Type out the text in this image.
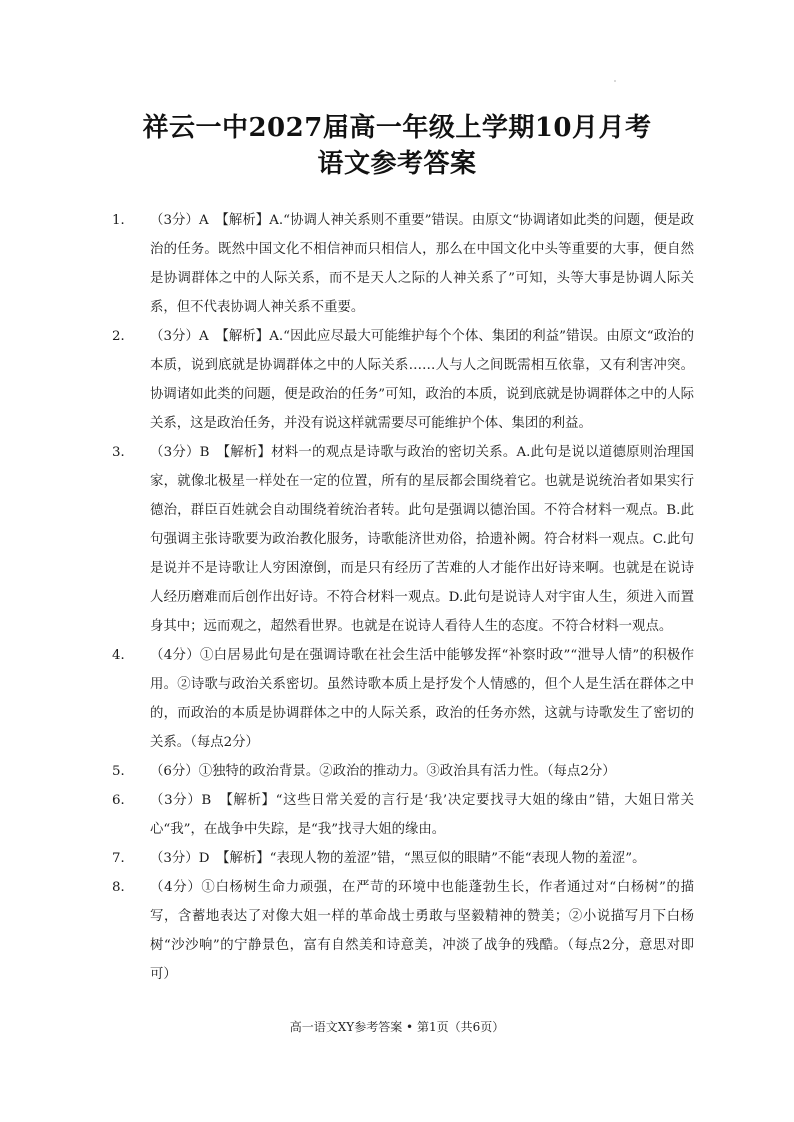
祥云一中2027届高一年级上学期10月月考
语文参考答案
1．	（3分）A　【解析】A.“协调人神关系则不重要”错误。由原文“协调诸如此类的问题，便是政治的任务。既然中国文化不相信神而只相信人，那么在中国文化中头等重要的大事，便自然是协调群体之中的人际关系，而不是天人之际的人神关系了”可知，头等大事是协调人际关系，但不代表协调人神关系不重要。
2．	（3分）A　【解析】A.“因此应尽最大可能维护每个个体、集团的利益”错误。由原文“政治的本质，说到底就是协调群体之中的人际关系……人与人之间既需相互依靠，又有利害冲突。协调诸如此类的问题，便是政治的任务”可知，政治的本质，说到底就是协调群体之中的人际关系，这是政治任务，并没有说这样就需要尽可能维护个体、集团的利益。
3．	（3分）B　【解析】材料一的观点是诗歌与政治的密切关系。A.此句是说以道德原则治理国家，就像北极星一样处在一定的位置，所有的星辰都会围绕着它。也就是说统治者如果实行德治，群臣百姓就会自动围绕着统治者转。此句是强调以德治国。不符合材料一观点。B.此句强调主张诗歌要为政治教化服务，诗歌能济世劝俗，拾遗补阙。符合材料一观点。C.此句是说并不是诗歌让人穷困潦倒，而是只有经历了苦难的人才能作出好诗来啊。也就是在说诗人经历磨难而后创作出好诗。不符合材料一观点。D.此句是说诗人对宇宙人生，须进入而置身其中；远而观之，超然看世界。也就是在说诗人看待人生的态度。不符合材料一观点。
4．	（4分）①白居易此句是在强调诗歌在社会生活中能够发挥“补察时政”“泄导人情”的积极作用。②诗歌与政治关系密切。虽然诗歌本质上是抒发个人情感的，但个人是生活在群体之中的，而政治的本质是协调群体之中的人际关系，政治的任务亦然，这就与诗歌发生了密切的关系。（每点2分）
5．	（6分）①独特的政治背景。②政治的推动力。③政治具有活力性。（每点2分）
6．	（3分）B　【解析】“这些日常关爱的言行是‘我’决定要找寻大姐的缘由”错，大姐日常关心“我”，在战争中失踪，是“我”找寻大姐的缘由。
7．	（3分）D　【解析】“表现人物的羞涩”错，“黑豆似的眼睛”不能“表现人物的羞涩”。
8．	（4分）①白杨树生命力顽强，在严苛的环境中也能蓬勃生长，作者通过对“白杨树”的描写，含蓄地表达了对像大姐一样的革命战士勇敢与坚毅精神的赞美；②小说描写月下白杨树“沙沙响”的宁静景色，富有自然美和诗意美，冲淡了战争的残酷。（每点2分，意思对即可）
高一语文XY参考答案 • 第1页（共6页）
